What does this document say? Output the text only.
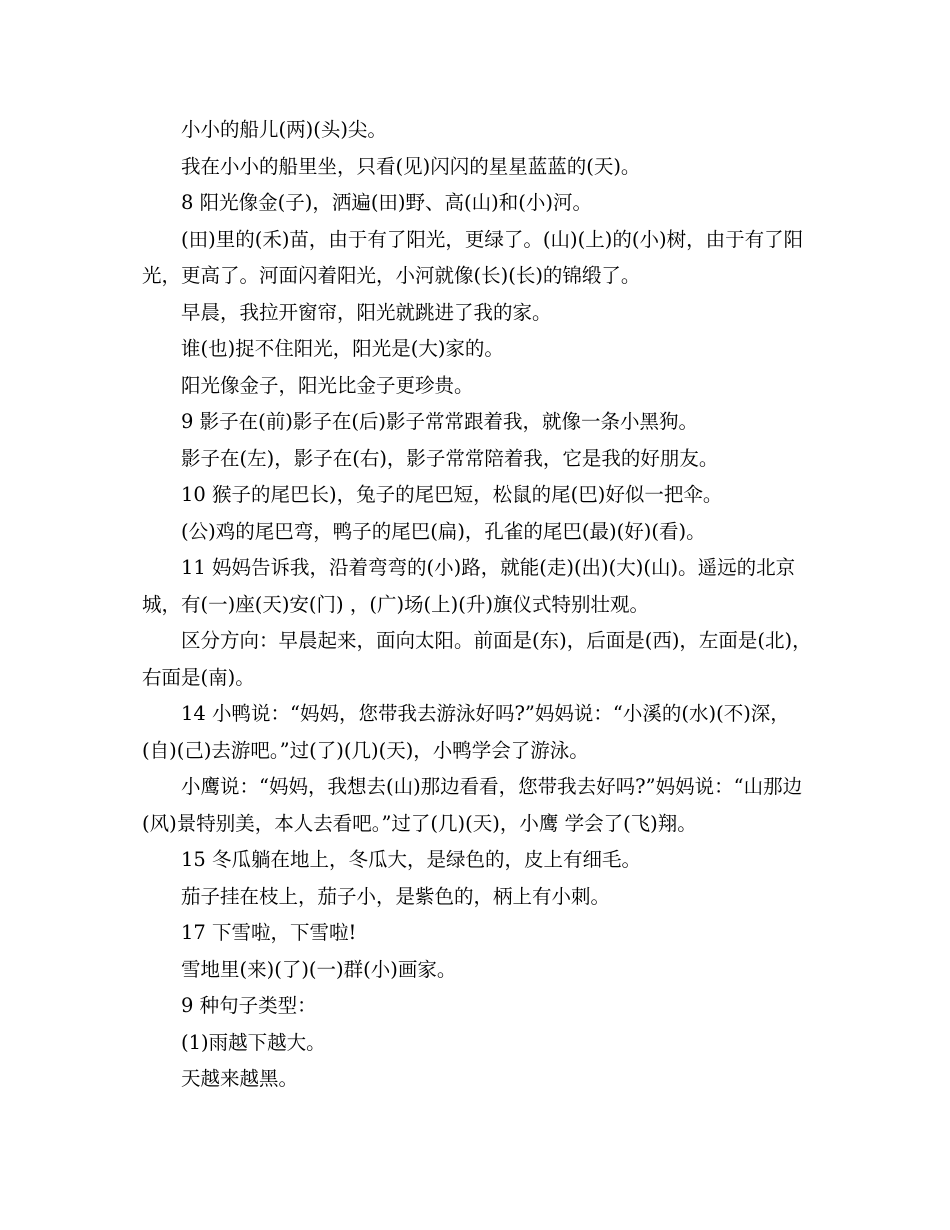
小小的船儿(两)(头)尖。

我在小小的船里坐，只看(见)闪闪的星星蓝蓝的(天)。

8 阳光像金(子)，洒遍(田)野、高(山)和(小)河。

(田)里的(禾)苗，由于有了阳光，更绿了。(山)(上)的(小)树，由于有了阳光，更高了。河面闪着阳光，小河就像(长)(长)的锦缎了。

早晨，我拉开窗帘，阳光就跳进了我的家。

谁(也)捉不住阳光，阳光是(大)家的。

阳光像金子，阳光比金子更珍贵。

9 影子在(前)影子在(后)影子常常跟着我，就像一条小黑狗。

影子在(左)，影子在(右)，影子常常陪着我，它是我的好朋友。

10 猴子的尾巴长)，兔子的尾巴短，松鼠的尾(巴)好似一把伞。

(公)鸡的尾巴弯，鸭子的尾巴(扁)，孔雀的尾巴(最)(好)(看)。

11 妈妈告诉我，沿着弯弯的(小)路，就能(走)(出)(大)(山)。遥远的北京城，有(一)座(天)安(门) ，(广)场(上)(升)旗仪式特别壮观。

区分方向：早晨起来，面向太阳。前面是(东)，后面是(西)，左面是(北)，右面是(南)。

14 小鸭说：“妈妈，您带我去游泳好吗?”妈妈说：“小溪的(水)(不)深，(自)(己)去游吧。”过(了)(几)(天)，小鸭学会了游泳。

小鹰说：“妈妈，我想去(山)那边看看，您带我去好吗?”妈妈说：“山那边(风)景特别美，本人去看吧。”过了(几)(天)，小鹰 学会了(飞)翔。

15 冬瓜躺在地上，冬瓜大，是绿色的，皮上有细毛。

茄子挂在枝上，茄子小，是紫色的，柄上有小刺。

17 下雪啦，下雪啦!

雪地里(来)(了)(一)群(小)画家。

9 种句子类型：

(1)雨越下越大。

天越来越黑。
